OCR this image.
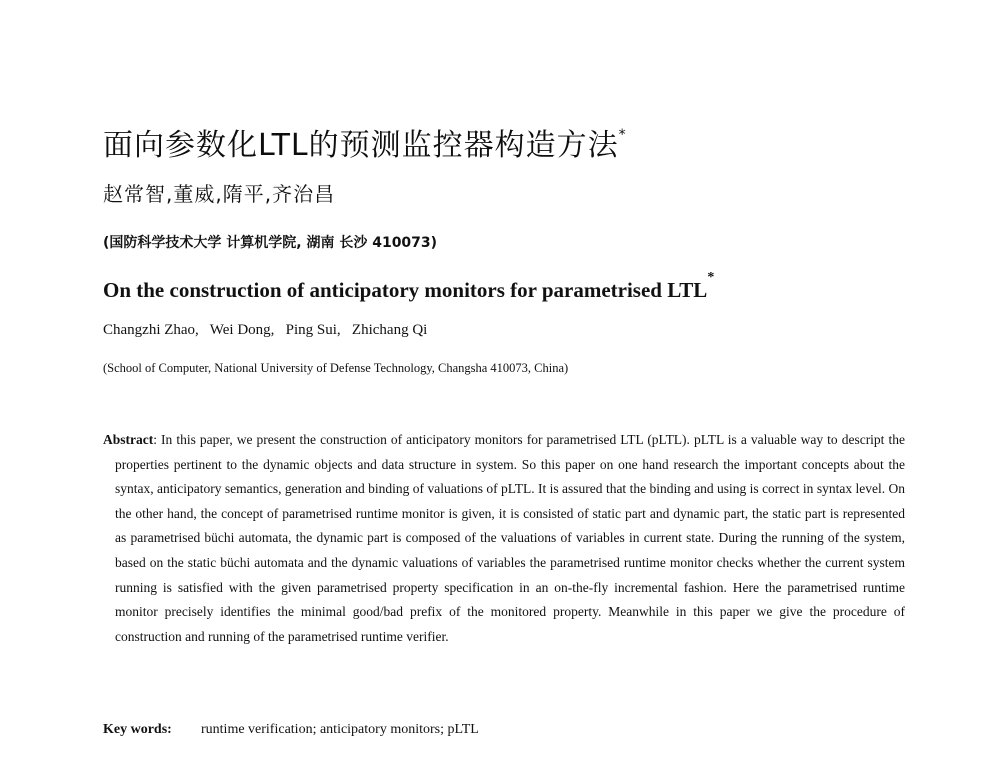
面向参数化LTL的预测监控器构造方法*
赵常智,董威,隋平,齐治昌
(国防科学技术大学 计算机学院, 湖南 长沙 410073)
On the construction of anticipatory monitors for parametrised LTL*
Changzhi Zhao,   Wei Dong,   Ping Sui,   Zhichang Qi
(School of Computer, National University of Defense Technology, Changsha 410073, China)
Abstract: In this paper, we present the construction of anticipatory monitors for parametrised LTL (pLTL). pLTL is a valuable way to descript the properties pertinent to the dynamic objects and data structure in system. So this paper on one hand research the important concepts about the syntax, anticipatory semantics, generation and binding of valuations of pLTL. It is assured that the binding and using is correct in syntax level. On the other hand, the concept of parametrised runtime monitor is given, it is consisted of static part and dynamic part, the static part is represented as parametrised büchi automata, the dynamic part is composed of the valuations of variables in current state. During the running of the system, based on the static büchi automata and the dynamic valuations of variables the parametrised runtime monitor checks whether the current system running is satisfied with the given parametrised property specification in an on-the-fly incremental fashion. Here the parametrised runtime monitor precisely identifies the minimal good/bad prefix of the monitored property. Meanwhile in this paper we give the procedure of construction and running of the parametrised runtime verifier.
Key words: runtime verification; anticipatory monitors; pLTL
